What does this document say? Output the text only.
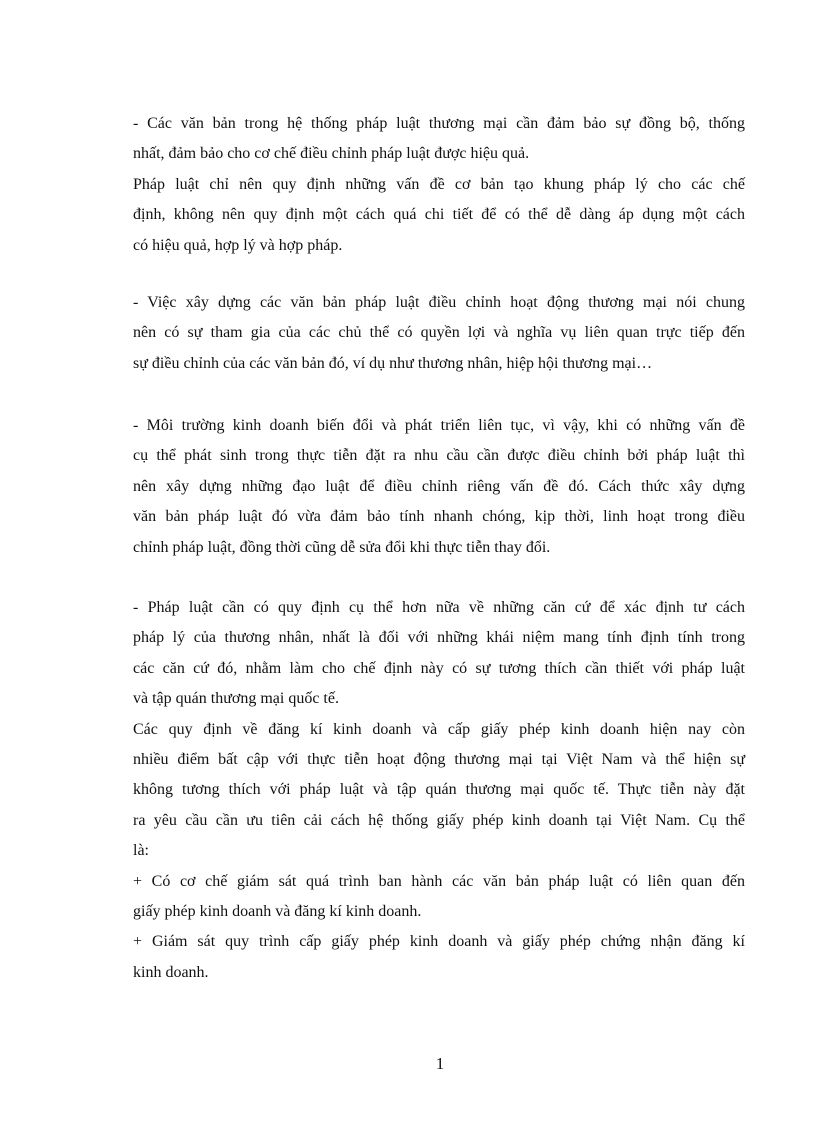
- Các văn bản trong hệ thống pháp luật thương mại cần đảm bảo sự đồng bộ, thống
nhất, đảm bảo cho cơ chế điều chỉnh pháp luật được hiệu quả.
Pháp luật chỉ nên quy định những vấn đề cơ bản tạo khung pháp lý cho các chế
định, không nên quy định một cách quá chi tiết để có thể dễ dàng áp dụng một cách
có hiệu quả, hợp lý và hợp pháp.
- Việc xây dựng các văn bản pháp luật điều chỉnh hoạt động thương mại nói chung
nên có sự tham gia của các chủ thể có quyền lợi và nghĩa vụ liên quan trực tiếp đến
sự điều chỉnh của các văn bản đó, ví dụ như thương nhân, hiệp hội thương mại…
- Môi trường kinh doanh biến đổi và phát triển liên tục, vì vậy, khi có những vấn đề
cụ thể phát sinh trong thực tiễn đặt ra nhu cầu cần được điều chỉnh bởi pháp luật thì
nên xây dựng những đạo luật để điều chỉnh riêng vấn đề đó. Cách thức xây dựng
văn bản pháp luật đó vừa đảm bảo tính nhanh chóng, kịp thời, linh hoạt trong điều
chỉnh pháp luật, đồng thời cũng dễ sửa đổi khi thực tiễn thay đổi.
- Pháp luật cần có quy định cụ thể hơn nữa về những căn cứ để xác định tư cách
pháp lý của thương nhân, nhất là đối với những khái niệm mang tính định tính trong
các căn cứ đó, nhằm làm cho chế định này có sự tương thích cần thiết với pháp luật
và tập quán thương mại quốc tế.
Các quy định về đăng kí kinh doanh và cấp giấy phép kinh doanh hiện nay còn
nhiều điểm bất cập với thực tiễn hoạt động thương mại tại Việt Nam và thể hiện sự
không tương thích với pháp luật và tập quán thương mại quốc tế. Thực tiễn này đặt
ra yêu cầu cần ưu tiên cải cách hệ thống giấy phép kinh doanh tại Việt Nam. Cụ thể
là:
+ Có cơ chế giám sát quá trình ban hành các văn bản pháp luật có liên quan đến
giấy phép kinh doanh và đăng kí kinh doanh.
+ Giám sát quy trình cấp giấy phép kinh doanh và giấy phép chứng nhận đăng kí
kinh doanh.
1
